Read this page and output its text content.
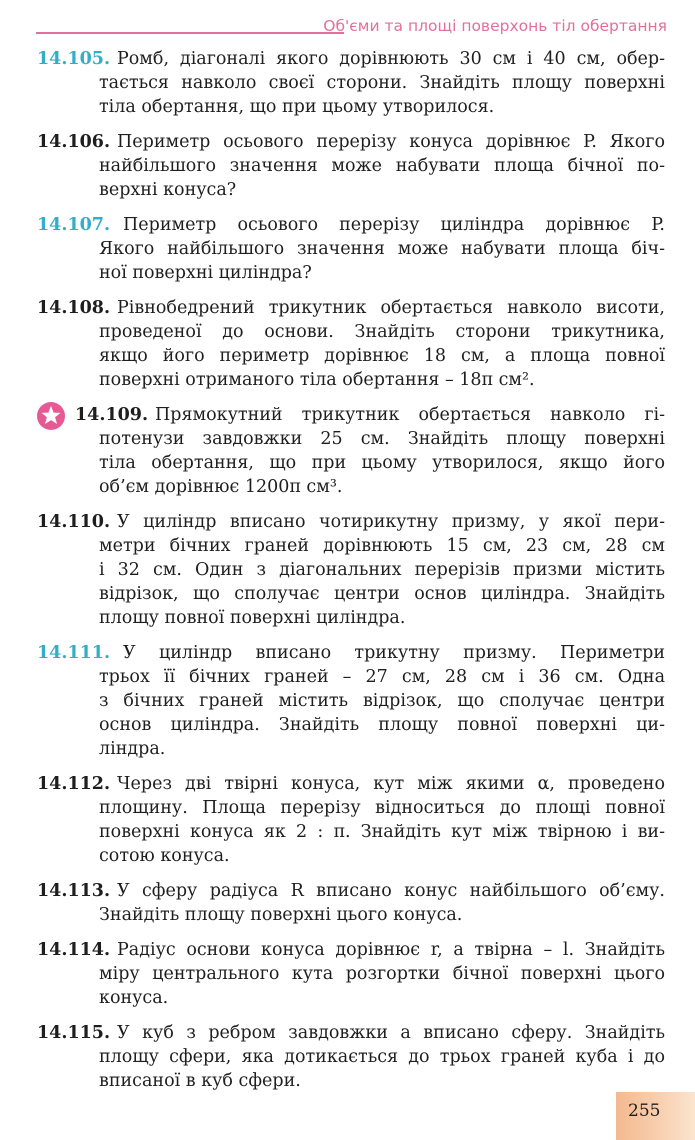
Об'єми та площі поверхонь тіл обертання
14.105. Ромб, діагоналі якого дорівнюють 30 см і 40 см, обер-
тається навколо своєї сторони. Знайдіть площу поверхні
тіла обертання, що при цьому утворилося.
14.106. Периметр осьового перерізу конуса дорівнює P. Якого
найбільшого значення може набувати площа бічної по-
верхні конуса?
14.107. Периметр осьового перерізу циліндра дорівнює P.
Якого найбільшого значення може набувати площа біч-
ної поверхні циліндра?
14.108. Рівнобедрений трикутник обертається навколо висоти,
проведеної до основи. Знайдіть сторони трикутника,
якщо його периметр дорівнює 18 см, а площа повної
поверхні отриманого тіла обертання – 18π см².
14.109. Прямокутний трикутник обертається навколо гі-
потенузи завдовжки 25 см. Знайдіть площу поверхні
тіла обертання, що при цьому утворилося, якщо його
об’єм дорівнює 1200π см³.
14.110. У циліндр вписано чотирикутну призму, у якої пери-
метри бічних граней дорівнюють 15 см, 23 см, 28 см
і 32 см. Один з діагональних перерізів призми містить
відрізок, що сполучає центри основ циліндра. Знайдіть
площу повної поверхні циліндра.
14.111. У циліндр вписано трикутну призму. Периметри
трьох її бічних граней – 27 см, 28 см і 36 см. Одна
з бічних граней містить відрізок, що сполучає центри
основ циліндра. Знайдіть площу повної поверхні ци-
ліндра.
14.112. Через дві твірні конуса, кут між якими α, проведено
площину. Площа перерізу відноситься до площі повної
поверхні конуса як 2 : π. Знайдіть кут між твірною і ви-
сотою конуса.
14.113. У сферу радіуса R вписано конус найбільшого об’єму.
Знайдіть площу поверхні цього конуса.
14.114. Радіус основи конуса дорівнює r, а твірна – l. Знайдіть
міру центрального кута розгортки бічної поверхні цього
конуса.
14.115. У куб з ребром завдовжки a вписано сферу. Знайдіть
площу сфери, яка дотикається до трьох граней куба і до
вписаної в куб сфери.
255
